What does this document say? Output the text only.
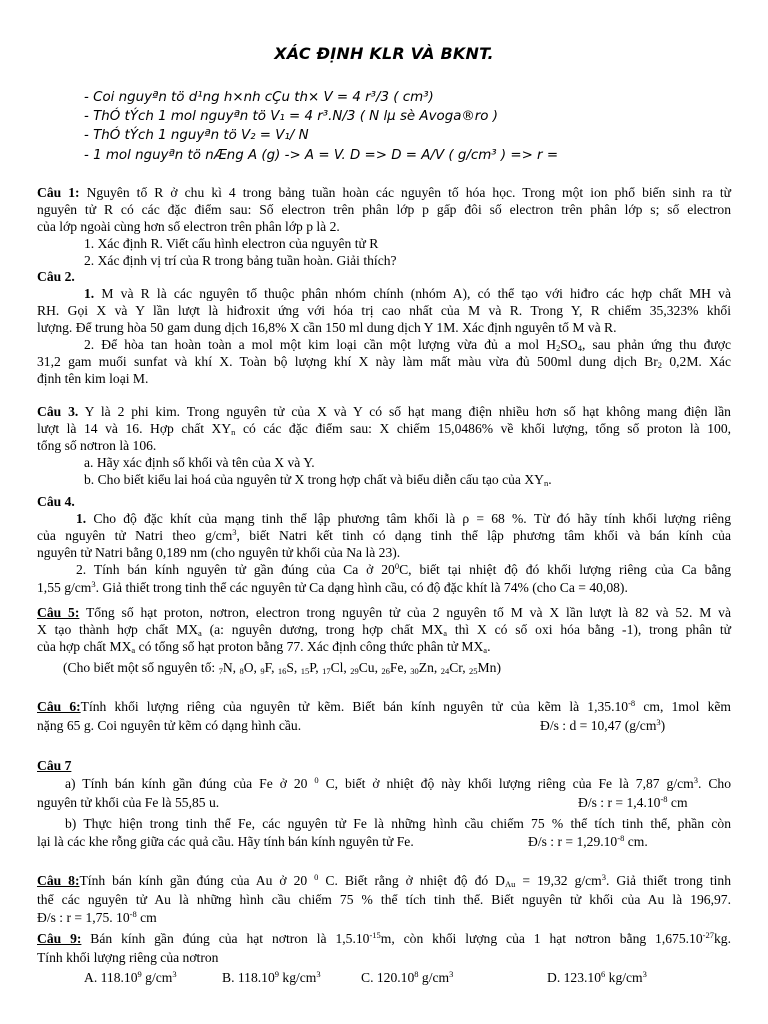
XÁC ĐỊNH KLR VÀ BKNT.
- Coi nguyªn tö d¹ng h×nh cÇu th× V = 4 r³/3 ( cm³)
- ThÓ tÝch 1 mol nguyªn tö V₁ = 4 r³.N/3 ( N lµ sè Avoga®ro )
- ThÓ tÝch 1 nguyªn tö V₂ = V₁/ N
- 1 mol nguyªn tö nÆng A (g) -> A = V. D => D = A/V ( g/cm³ ) => r =
Câu 1: Nguyên tố R ở chu kì 4 trong bảng tuần hoàn các nguyên tố hóa học. Trong một ion phổ biến sinh ra từ
nguyên tử R có các đặc điểm sau: Số electron trên phân lớp p gấp đôi số electron trên phân lớp s; số electron
của lớp ngoài cùng hơn số electron trên phân lớp p là 2.
1. Xác định R. Viết cấu hình electron của nguyên tử R
2. Xác định vị trí của R trong bảng tuần hoàn. Giải thích?
Câu 2.
1. M và R là các nguyên tố thuộc phân nhóm chính (nhóm A), có thể tạo với hiđro các hợp chất MH và
RH. Gọi X và Y lần lượt là hiđroxit ứng với hóa trị cao nhất của M và R. Trong Y, R chiếm 35,323% khối
lượng. Để trung hòa 50 gam dung dịch 16,8% X cần 150 ml dung dịch Y 1M. Xác định nguyên tố M và R.
2. Để hòa tan hoàn toàn a mol một kim loại cần một lượng vừa đủ a mol $H_2SO_4$, sau phản ứng thu được
31,2 gam muối sunfat và khí X. Toàn bộ lượng khí X này làm mất màu vừa đủ 500ml dung dịch $Br_2$ 0,2M. Xác
định tên kim loại M.
Câu 3. Y là 2 phi kim. Trong nguyên tử của X và Y có số hạt mang điện nhiều hơn số hạt không mang điện lần
lượt là 14 và 16. Hợp chất $XY_n$ có các đặc điểm sau: X chiếm 15,0486% về khối lượng, tổng số proton là 100,
tổng số nơtron là 106.
a. Hãy xác định số khối và tên của X và Y.
b. Cho biết kiểu lai hoá của nguyên tử X trong hợp chất và biểu diễn cấu tạo của $XY_n$.
Câu 4.
1. Cho độ đặc khít của mạng tinh thể lập phương tâm khối là ρ = 68 %. Từ đó hãy tính khối lượng riêng
của nguyên tử Natri theo $g/cm^3$, biết Natri kết tinh có dạng tinh thể lập phương tâm khối và bán kính của
nguyên tử Natri bằng 0,189 nm (cho nguyên tử khối của Na là 23).
2. Tính bán kính nguyên tử gần đúng của Ca ở $20^0C$, biết tại nhiệt độ đó khối lượng riêng của Ca bằng
1,55 $g/cm^3$. Giả thiết trong tinh thể các nguyên tử Ca dạng hình cầu, có độ đặc khít là 74% (cho Ca = 40,08).
Câu 5: Tổng số hạt proton, nơtron, electron trong nguyên tử của 2 nguyên tố M và X lần lượt là 82 và 52. M và
X tạo thành hợp chất $MX_a$ (a: nguyên dương, trong hợp chất $MX_a$ thì X có số oxi hóa bằng -1), trong phân tử
của hợp chất $MX_a$ có tổng số hạt proton bằng 77. Xác định công thức phân tử $MX_a$.
(Cho biết một số nguyên tố: $_7$N, $_8$O, $_9$F, $_{16}$S, $_{15}$P, $_{17}$Cl, $_{29}$Cu, $_{26}$Fe, $_{30}$Zn, $_{24}$Cr, $_{25}$Mn)
Câu 6:Tính khối lượng riêng của nguyên tử kẽm. Biết bán kính nguyên tử của kẽm là $1,35.10^{-8}$ cm, 1mol kẽm
nặng 65 g. Coi nguyên tử kẽm có dạng hình cầu.	Đ/s : d = 10,47 $(g/cm^3)$
Câu 7
a) Tính bán kính gần đúng của Fe ở 20 $^0$ C, biết ở nhiệt độ này khối lượng riêng của Fe là 7,87 $g/cm^3$. Cho
nguyên tử khối của Fe là 55,85 u.	Đ/s : $r = 1,4.10^{-8}$ cm
b) Thực hiện trong tinh thể Fe, các nguyên tử Fe là những hình cầu chiếm 75 % thể tích tinh thể, phần còn
lại là các khe rỗng giữa các quả cầu. Hãy tính bán kính nguyên tử Fe.	Đ/s : $r = 1,29.10^{-8}$ cm.
Câu 8:Tính bán kính gần đúng của Au ở 20 $^0$ C. Biết rằng ở nhiệt độ đó $D_{Au} = 19,32$ $g/cm^3$. Giả thiết trong tinh
thể các nguyên tử Au là những hình cầu chiếm 75 % thể tích tinh thể. Biết nguyên tử khối của Au là 196,97.
Đ/s : r = 1,75. $10^{-8}$ cm
Câu 9: Bán kính gần đúng của hạt nơtron là $1,5.10^{-15}m$, còn khối lượng của 1 hạt nơtron bằng $1,675.10^{-27}kg$.
Tính khối lượng riêng của nơtron
A. 118.10$^9$ $g/cm^3$	B. 118.10$^9$ $kg/cm^3$	C. 120.10$^8$ $g/cm^3$	D. 123.10$^6$ $kg/cm^3$
